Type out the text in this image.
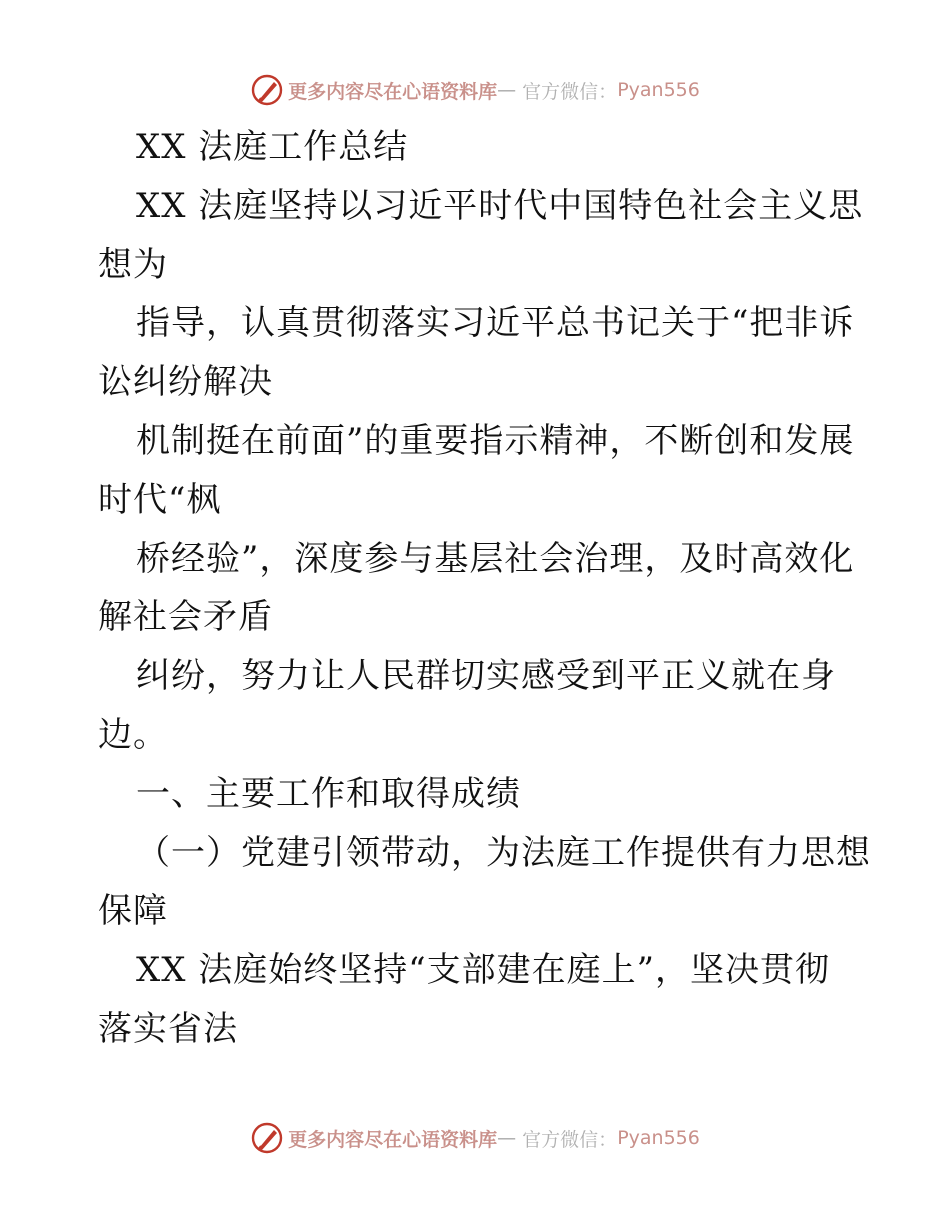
更多内容尽在心语资料库 — 官方微信： Pyan556
XX 法庭工作总结
XX 法庭坚持以习近平时代中国特色社会主义思
想为
指导，认真贯彻落实习近平总书记关于“把非诉
讼纠纷解决
机制挺在前面”的重要指示精神，不断创和发展
时代“枫
桥经验”，深度参与基层社会治理，及时高效化
解社会矛盾
纠纷，努力让人民群切实感受到平正义就在身
边。
一、主要工作和取得成绩
（一）党建引领带动，为法庭工作提供有力思想
保障
XX 法庭始终坚持“支部建在庭上”，坚决贯彻
落实省法
更多内容尽在心语资料库 — 官方微信： Pyan556
